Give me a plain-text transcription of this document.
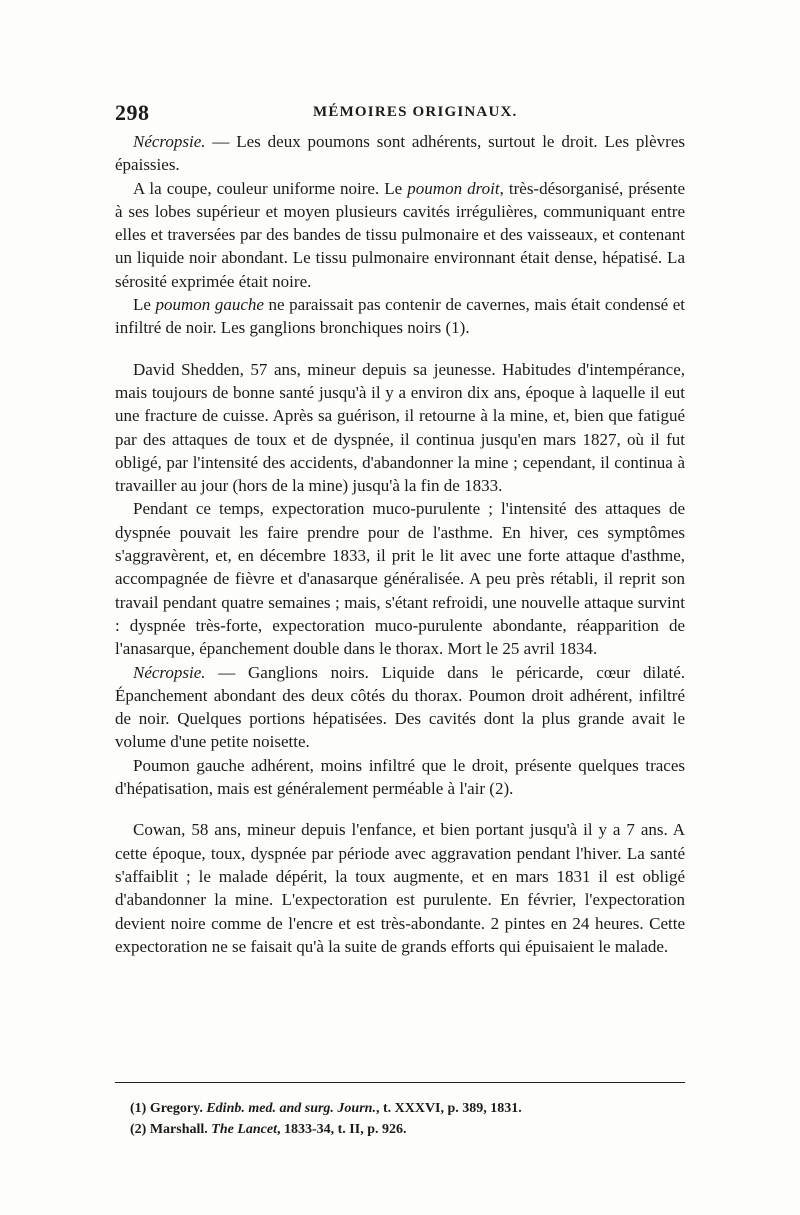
298	MÉMOIRES ORIGINAUX.

Nécropsie. — Les deux poumons sont adhérents, surtout le droit. Les plèvres épaissies.

A la coupe, couleur uniforme noire. Le poumon droit, très-désorganisé, présente à ses lobes supérieur et moyen plusieurs cavités irrégulières, communiquant entre elles et traversées par des bandes de tissu pulmonaire et des vaisseaux, et contenant un liquide noir abondant. Le tissu pulmonaire environnant était dense, hépatisé. La sérosité exprimée était noire.

Le poumon gauche ne paraissait pas contenir de cavernes, mais était condensé et infiltré de noir. Les ganglions bronchiques noirs (1).

David Shedden, 57 ans, mineur depuis sa jeunesse. Habitudes d'intempérance, mais toujours de bonne santé jusqu'à il y a environ dix ans, époque à laquelle il eut une fracture de cuisse. Après sa guérison, il retourne à la mine, et, bien que fatigué par des attaques de toux et de dyspnée, il continua jusqu'en mars 1827, où il fut obligé, par l'intensité des accidents, d'abandonner la mine ; cependant, il continua à travailler au jour (hors de la mine) jusqu'à la fin de 1833.

Pendant ce temps, expectoration muco-purulente ; l'intensité des attaques de dyspnée pouvait les faire prendre pour de l'asthme. En hiver, ces symptômes s'aggravèrent, et, en décembre 1833, il prit le lit avec une forte attaque d'asthme, accompagnée de fièvre et d'anasarque généralisée. A peu près rétabli, il reprit son travail pendant quatre semaines ; mais, s'étant refroidi, une nouvelle attaque survint : dyspnée très-forte, expectoration muco-purulente abondante, réapparition de l'anasarque, épanchement double dans le thorax. Mort le 25 avril 1834.

Nécropsie. — Ganglions noirs. Liquide dans le péricarde, cœur dilaté. Épanchement abondant des deux côtés du thorax. Poumon droit adhérent, infiltré de noir. Quelques portions hépatisées. Des cavités dont la plus grande avait le volume d'une petite noisette.

Poumon gauche adhérent, moins infiltré que le droit, présente quelques traces d'hépatisation, mais est généralement perméable à l'air (2).

Cowan, 58 ans, mineur depuis l'enfance, et bien portant jusqu'à il y a 7 ans. A cette époque, toux, dyspnée par période avec aggravation pendant l'hiver. La santé s'affaiblit ; le malade dépérit, la toux augmente, et en mars 1831 il est obligé d'abandonner la mine. L'expectoration est purulente. En février, l'expectoration devient noire comme de l'encre et est très-abondante. 2 pintes en 24 heures. Cette expectoration ne se faisait qu'à la suite de grands efforts qui épuisaient le malade.

(1) Gregory. Edinb. med. and surg. Journ., t. XXXVI, p. 389, 1831.

(2) Marshall. The Lancet, 1833-34, t. II, p. 926.
